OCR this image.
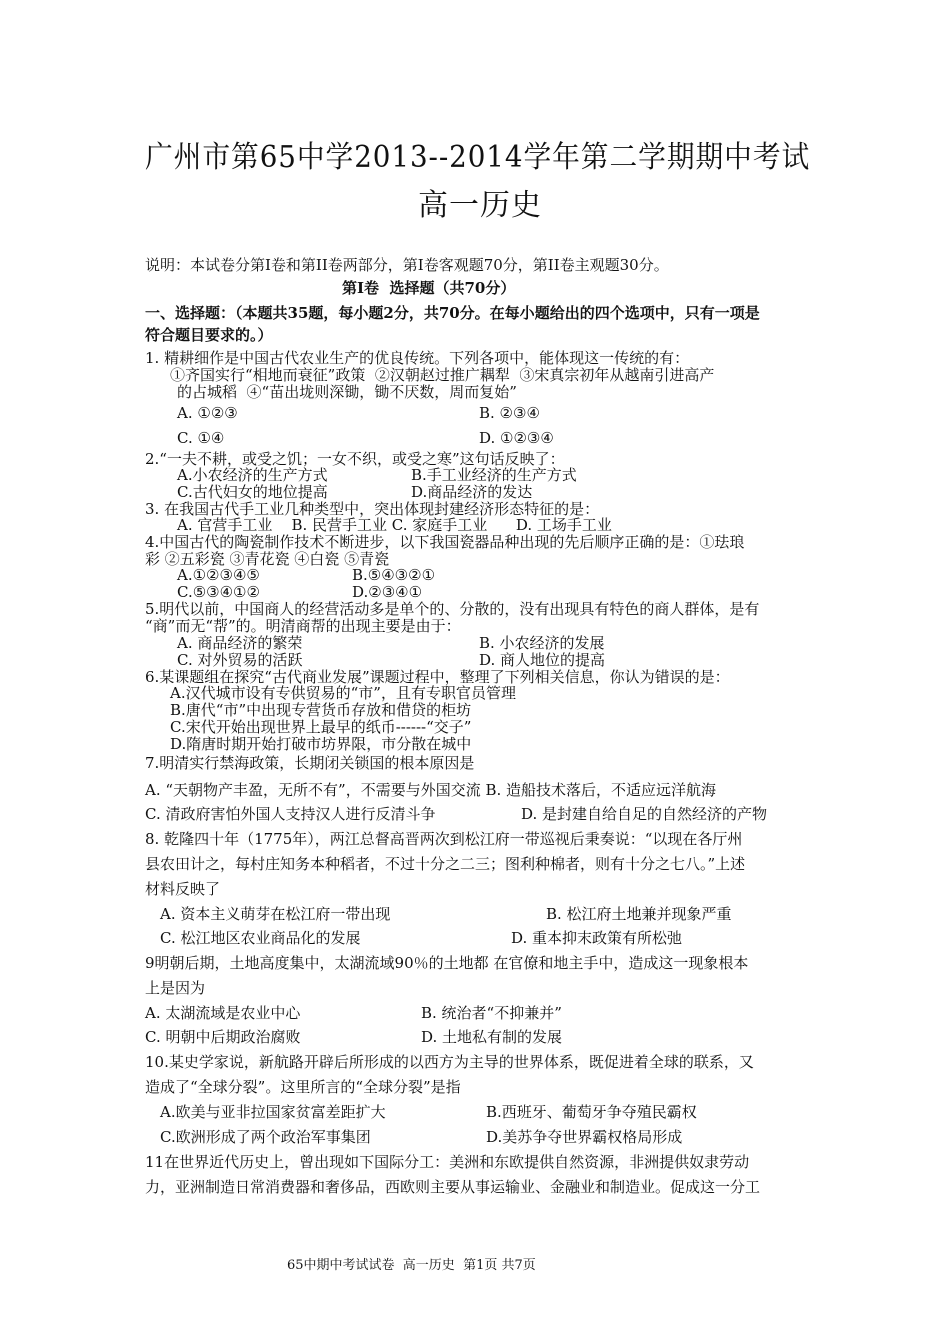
广州市第65中学2013--2014学年第二学期期中考试
高一历史
说明：本试卷分第Ⅰ卷和第II卷两部分，第Ⅰ卷客观题70分，第II卷主观题30分。
第Ⅰ卷  选择题（共70分）
一、选择题：（本题共35题，每小题2分，共70分。在每小题给出的四个选项中，只有一项是
符合题目要求的。）
1. 精耕细作是中国古代农业生产的优良传统。下列各项中，能体现这一传统的有：
①齐国实行“相地而衰征”政策  ②汉朝赵过推广耦犁  ③宋真宗初年从越南引进高产
的占城稻  ④“苗出垅则深锄，锄不厌数，周而复始”
A. ①②③	B. ②③④
C. ①④	D. ①②③④
2.“一夫不耕，或受之饥；一女不织，或受之寒”这句话反映了：
A.小农经济的生产方式	B.手工业经济的生产方式
C.古代妇女的地位提高	D.商品经济的发达
3. 在我国古代手工业几种类型中，突出体现封建经济形态特征的是：
A. 官营手工业    B. 民营手工业 C. 家庭手工业      D. 工场手工业
4.中国古代的陶瓷制作技术不断进步，以下我国瓷器品种出现的先后顺序正确的是：①珐琅
彩 ②五彩瓷 ③青花瓷 ④白瓷 ⑤青瓷
A.①②③④⑤	B.⑤④③②①
C.⑤③④①②	D.②③④①
5.明代以前，中国商人的经营活动多是单个的、分散的，没有出现具有特色的商人群体，是有
“商”而无“帮”的。明清商帮的出现主要是由于：
A. 商品经济的繁荣	B. 小农经济的发展
C. 对外贸易的活跃	D. 商人地位的提高
6.某课题组在探究“古代商业发展”课题过程中，整理了下列相关信息，你认为错误的是：
A.汉代城市设有专供贸易的“市”，且有专职官员管理
B.唐代“市”中出现专营货币存放和借贷的柜坊
C.宋代开始出现世界上最早的纸币------“交子”
D.隋唐时期开始打破市坊界限，市分散在城中
7.明清实行禁海政策，长期闭关锁国的根本原因是
A. “天朝物产丰盈，无所不有”，不需要与外国交流 B. 造船技术落后，不适应远洋航海
C. 清政府害怕外国人支持汉人进行反清斗争	D. 是封建自给自足的自然经济的产物
8. 乾隆四十年（1775年），两江总督高晋两次到松江府一带巡视后秉奏说：“以现在各厅州
县农田计之，每村庄知务本种稻者，不过十分之二三；图利种棉者，则有十分之七八。”上述
材料反映了
A. 资本主义萌芽在松江府一带出现	B. 松江府土地兼并现象严重
C. 松江地区农业商品化的发展	D. 重本抑末政策有所松弛
9明朝后期，土地高度集中，太湖流域90％的土地都 在官僚和地主手中，造成这一现象根本
上是因为
A. 太湖流域是农业中心	B. 统治者“不抑兼并”
C. 明朝中后期政治腐败	D. 土地私有制的发展
10.某史学家说，新航路开辟后所形成的以西方为主导的世界体系，既促进着全球的联系，又
造成了“全球分裂”。这里所言的“全球分裂”是指
A.欧美与亚非拉国家贫富差距扩大	B.西班牙、葡萄牙争夺殖民霸权
C.欧洲形成了两个政治军事集团	D.美苏争夺世界霸权格局形成
11在世界近代历史上，曾出现如下国际分工：美洲和东欧提供自然资源，非洲提供奴隶劳动
力，亚洲制造日常消费器和奢侈品，西欧则主要从事运输业、金融业和制造业。促成这一分工
65中期中考试试卷  高一历史  第1页 共7页
